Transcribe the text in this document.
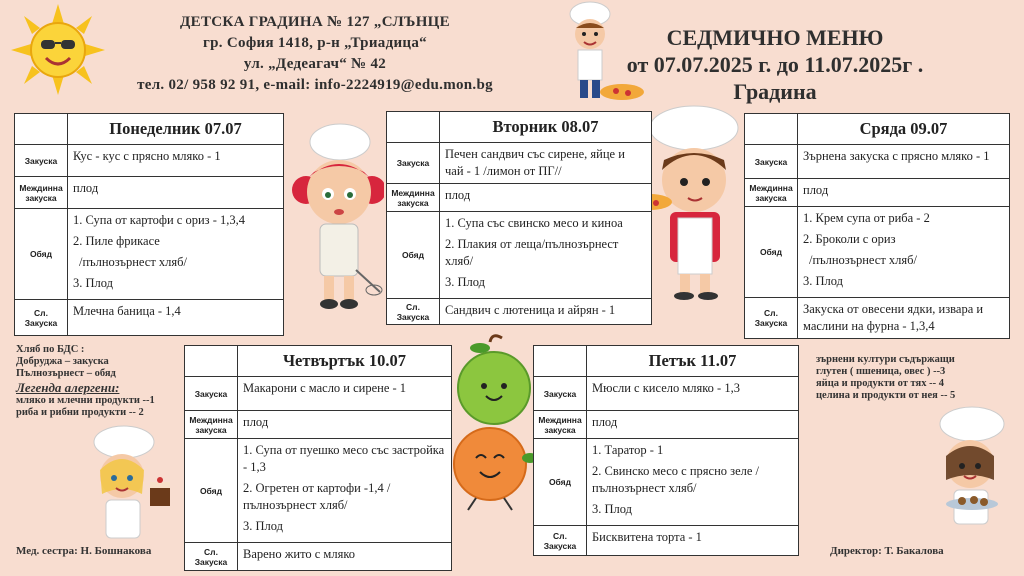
ДЕТСКА ГРАДИНА № 127 „СЛЪНЦЕ
гр. София 1418, р-н „Триадица“
ул. „Дедеагач“ № 42
тел. 02/ 958 92 91, e-mail: info-2224919@edu.mon.bg
СЕДМИЧНО МЕНЮ
от 07.07.2025 г. до 11.07.2025г .
Градина
	Понеделник 07.07
Закуска	Кус - кус с прясно мляко - 1
Междинна закуска	плод
Обяд	1. Супа от картофи с ориз - 1,3,4

2. Пиле фрикасе

/пълнозърнест хляб/

3. Плод

Сл. Закуска	Млечна баница - 1,4
	Вторник 08.07
Закуска	Печен сандвич със сирене, яйце и чай - 1 /лимон от ПГ//
Междинна закуска	плод
Обяд	1. Супа със свинско месо и киноа

2. Плакия от леща/пълнозърнест хляб/

3. Плод

Сл. Закуска	Сандвич с лютеница и айрян - 1
	Сряда 09.07
Закуска	Зърнена закуска с прясно мляко - 1
Междинна закуска	плод
Обяд	1. Крем супа от риба - 2

2. Броколи с ориз

/пълнозърнест хляб/

3. Плод

Сл. Закуска	Закуска от овесени ядки, извара и маслини на фурна - 1,3,4
	Четвъртък 10.07
Закуска	Макарони с масло и сирене - 1
Междинна закуска	плод
Обяд	1. Супа от пуешко месо със застройка - 1,3

2. Огретен от картофи -1,4 /пълнозърнест хляб/

3. Плод

Сл. Закуска	Варено жито с мляко
	Петък 11.07
Закуска	Мюсли с кисело мляко - 1,3
Междинна закуска	плод
Обяд	1. Таратор - 1

2. Свинско месо с прясно зеле /пълнозърнест хляб/

3. Плод

Сл. Закуска	Бисквитена торта - 1
Хляб по БДС :
Добруджа – закуска
Пълнозърнест – обяд
Легенда алергени:
мляко и млечни продукти --1
риба и рибни продукти -- 2
зърнени култури съдържащи
глутен ( пшеница, овес ) --3
яйца и продукти от тях -- 4
целина и продукти от нея -- 5
Мед. сестра: Н. Бошнакова	Директор: Т. Бакалова
